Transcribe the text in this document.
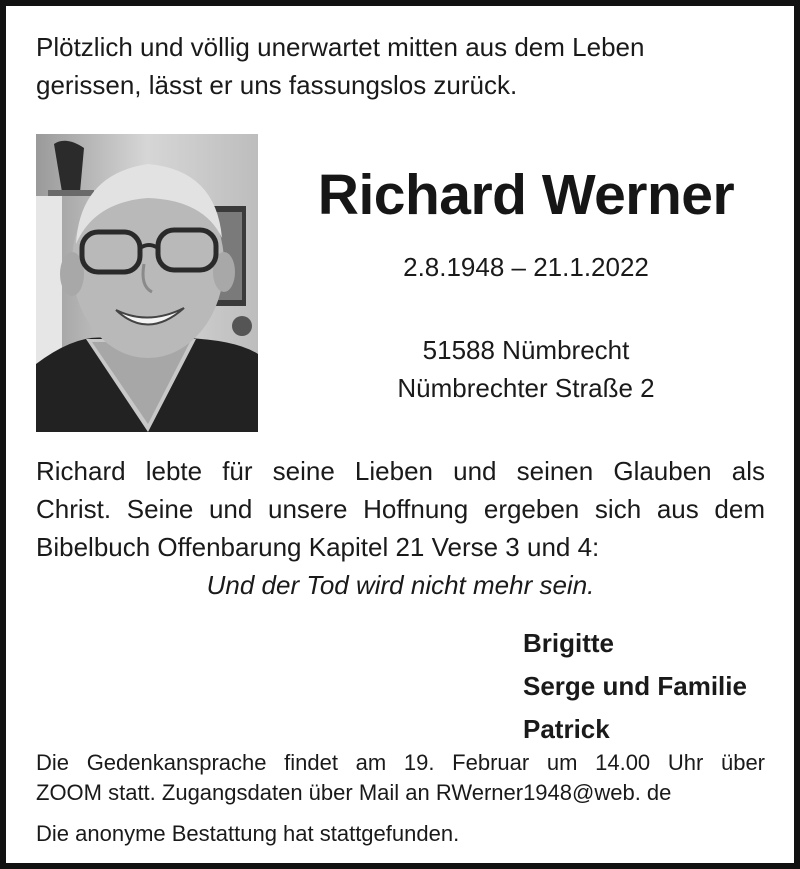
Plötzlich und völlig unerwartet mitten aus dem Leben
gerissen, lässt er uns fassungslos zurück.

Richard Werner
2.8.1948 – 21.1.2022
51588 Nümbrecht
Nümbrechter Straße 2

Richard lebte für seine Lieben und seinen Glauben als
Christ. Seine und unsere Hoffnung ergeben sich aus dem
Bibelbuch Offenbarung Kapitel 21 Verse 3 und 4:

Und der Tod wird nicht mehr sein.
Brigitte
Serge und Familie
Patrick

Die Gedenkansprache findet am 19. Februar um 14.00 Uhr über
ZOOM statt. Zugangsdaten über Mail an RWerner1948@web. de

Die anonyme Bestattung hat stattgefunden.
